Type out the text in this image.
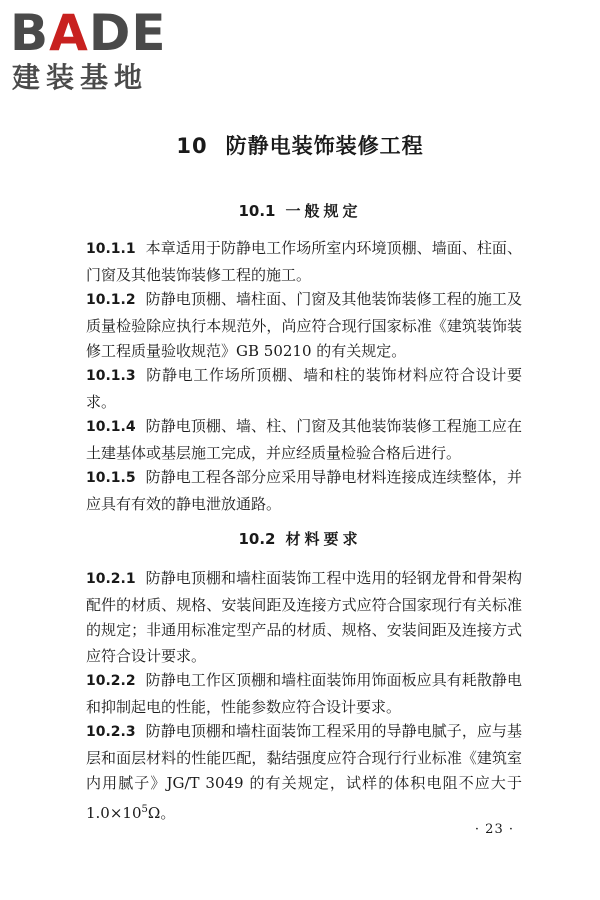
BADE
建装基地
10 防静电装饰装修工程
10.1 一般规定
10.1.1 本章适用于防静电工作场所室内环境顶棚、墙面、柱面、门窗及其他装饰装修工程的施工。
10.1.2 防静电顶棚、墙柱面、门窗及其他装饰装修工程的施工及质量检验除应执行本规范外，尚应符合现行国家标准《建筑装饰装修工程质量验收规范》GB 50210 的有关规定。
10.1.3 防静电工作场所顶棚、墙和柱的装饰材料应符合设计要求。
10.1.4 防静电顶棚、墙、柱、门窗及其他装饰装修工程施工应在土建基体或基层施工完成，并应经质量检验合格后进行。
10.1.5 防静电工程各部分应采用导静电材料连接成连续整体，并应具有有效的静电泄放通路。
10.2 材料要求
10.2.1 防静电顶棚和墙柱面装饰工程中选用的轻钢龙骨和骨架构配件的材质、规格、安装间距及连接方式应符合国家现行有关标准的规定；非通用标准定型产品的材质、规格、安装间距及连接方式应符合设计要求。
10.2.2 防静电工作区顶棚和墙柱面装饰用饰面板应具有耗散静电和抑制起电的性能，性能参数应符合设计要求。
10.2.3 防静电顶棚和墙柱面装饰工程采用的导静电腻子，应与基层和面层材料的性能匹配，黏结强度应符合现行行业标准《建筑室内用腻子》JG/T 3049 的有关规定，试样的体积电阻不应大于$1.0\times 10^5\Omega$。
· 23 ·
